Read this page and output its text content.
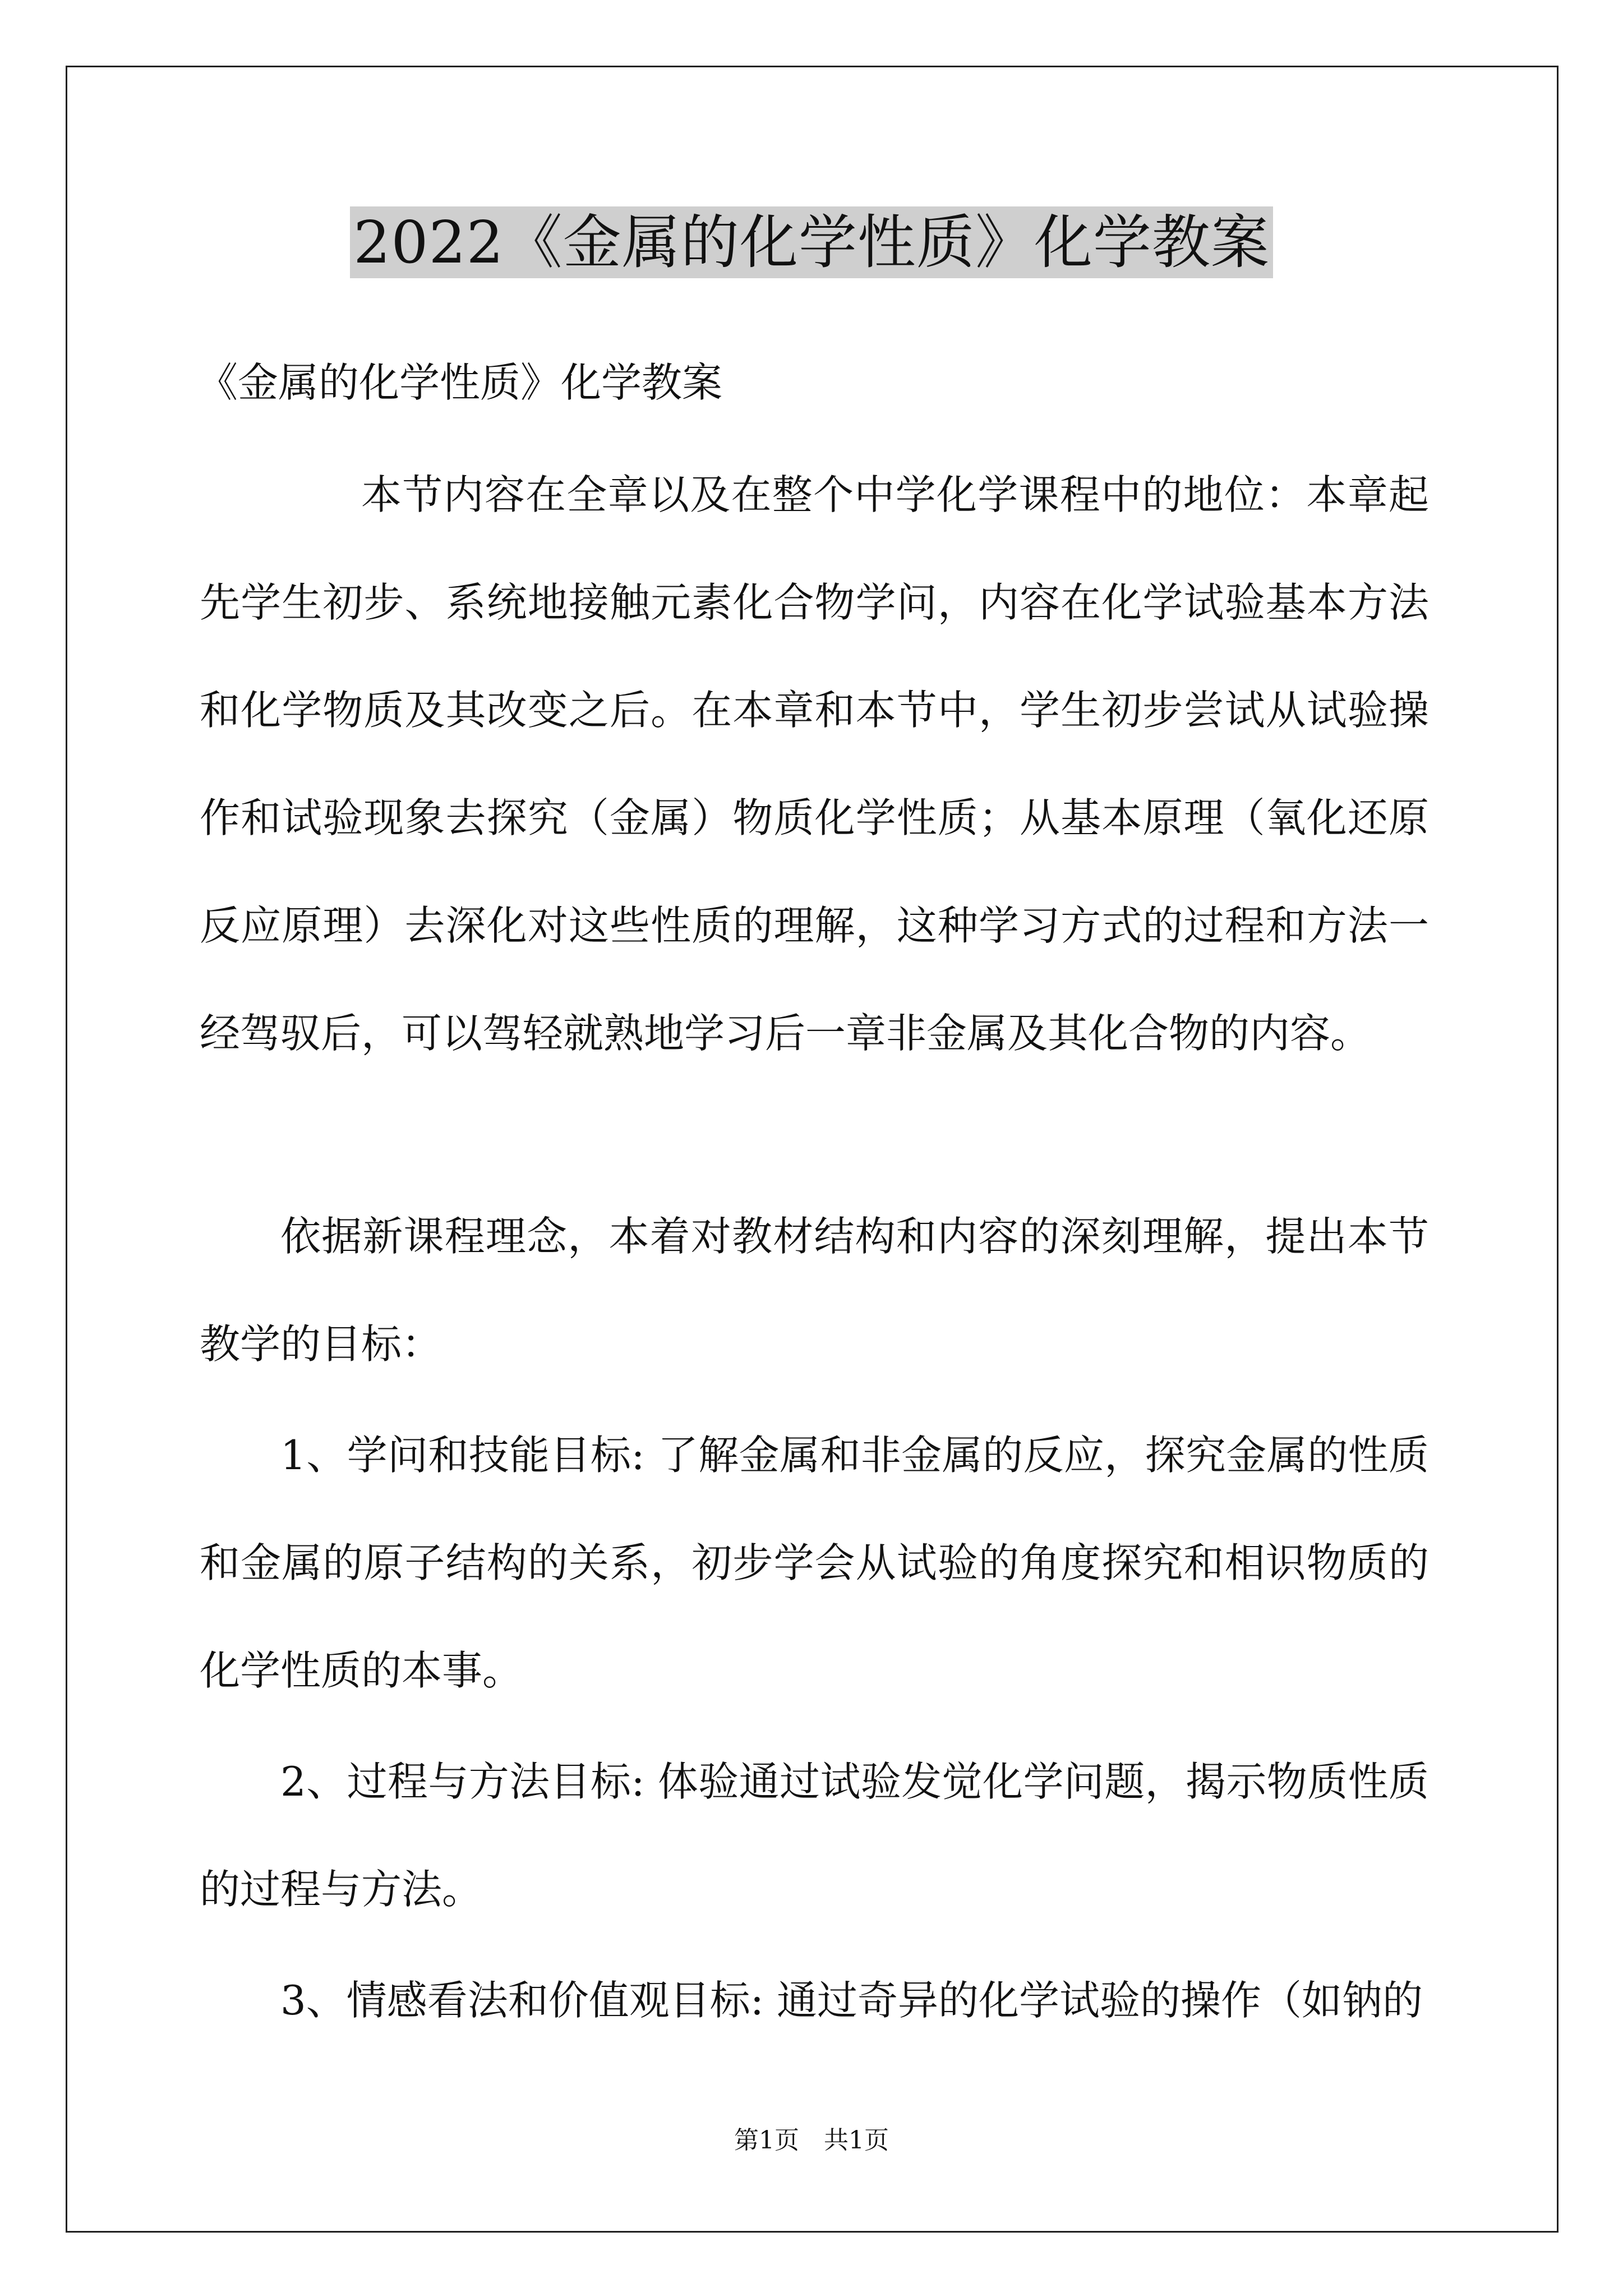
2022《金属的化学性质》化学教案
《金属的化学性质》化学教案

本节内容在全章以及在整个中学化学课程中的地位：本章起先学生初步、系统地接触元素化合物学问，内容在化学试验基本方法和化学物质及其改变之后。在本章和本节中，学生初步尝试从试验操作和试验现象去探究（金属）物质化学性质；从基本原理（氧化还原反应原理）去深化对这些性质的理解，这种学习方式的过程和方法一经驾驭后，可以驾轻就熟地学习后一章非金属及其化合物的内容。

依据新课程理念，本着对教材结构和内容的深刻理解，提出本节教学的目标：

1、学问和技能目标: 了解金属和非金属的反应，探究金属的性质和金属的原子结构的关系，初步学会从试验的角度探究和相识物质的化学性质的本事。

2、过程与方法目标: 体验通过试验发觉化学问题，揭示物质性质的过程与方法。

3、情感看法和价值观目标: 通过奇异的化学试验的操作（如钠的

第1页　共1页
